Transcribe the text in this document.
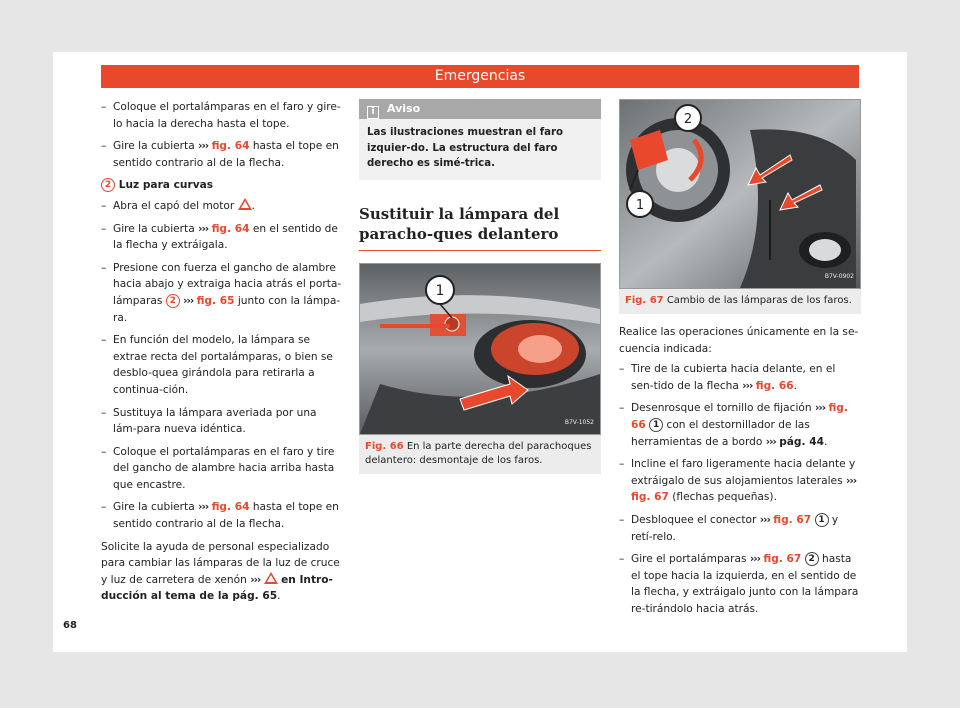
Emergencias
– Coloque el portalámparas en el faro y gire-lo hacia la derecha hasta el tope.
– Gire la cubierta ››› fig. 64 hasta el tope en sentido contrario al de la flecha.
2 Luz para curvas
– Abra el capó del motor .
– Gire la cubierta ››› fig. 64 en el sentido de la flecha y extráigala.
– Presione con fuerza el gancho de alambre hacia abajo y extraiga hacia atrás el porta-lámparas 2 ››› fig. 65 junto con la lámpa-ra.
– En función del modelo, la lámpara se extrae recta del portalámparas, o bien se desblo-quea girándola para retirarla a continua-ción.
– Sustituya la lámpara averiada por una lám-para nueva idéntica.
– Coloque el portalámparas en el faro y tire del gancho de alambre hacia arriba hasta que encastre.
– Gire la cubierta ››› fig. 64 hasta el tope en sentido contrario al de la flecha.
Solicite la ayuda de personal especializado para cambiar las lámparas de la luz de cruce y luz de carretera de xenón ››› en Intro-ducción al tema de la pág. 65.
i Aviso
Las ilustraciones muestran el faro izquier-do. La estructura del faro derecho es simé-trica.
Sustituir la lámpara del paracho-ques delantero
1
B7V-1052
Fig. 66 En la parte derecha del parachoques delantero: desmontaje de los faros.
2
1
B7V-0902
Fig. 67 Cambio de las lámparas de los faros.
Realice las operaciones únicamente en la se-cuencia indicada:
– Tire de la cubierta hacia delante, en el sen-tido de la flecha ››› fig. 66.
– Desenrosque el tornillo de fijación ››› fig. 66 1 con el destornillador de las herramientas de a bordo ››› pág. 44.
– Incline el faro ligeramente hacia delante y extráigalo de sus alojamientos laterales ››› fig. 67 (flechas pequeñas).
– Desbloquee el conector ››› fig. 67 1 y retí-relo.
– Gire el portalámparas ››› fig. 67 2 hasta el tope hacia la izquierda, en el sentido de la flecha, y extráigalo junto con la lámpara re-tirándolo hacia atrás.
68
